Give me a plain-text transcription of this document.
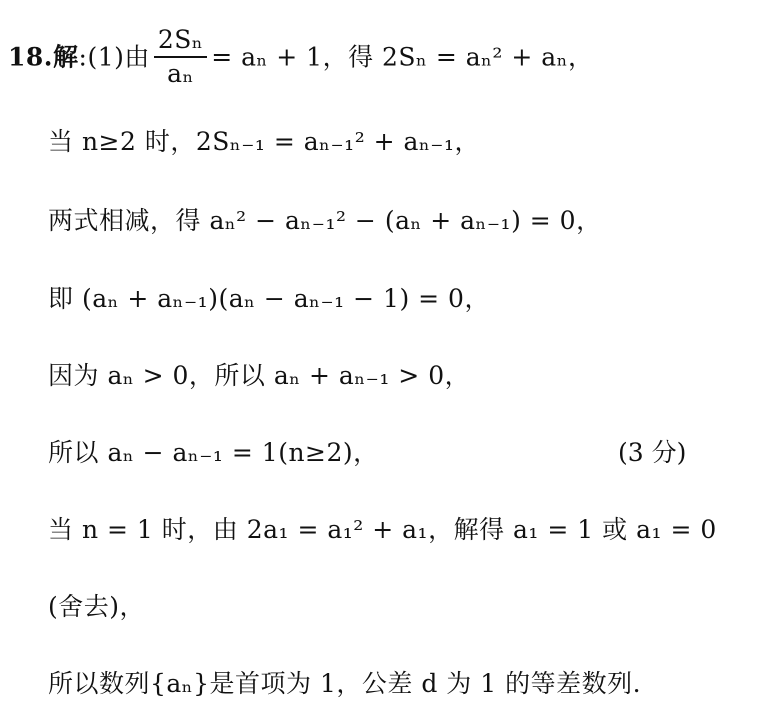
18.解:(1)由 $\frac{\text{2Sₙ}}{\text{aₙ}} = a_n + 1$，得 2Sₙ = aₙ² + aₙ，
当 n≥2 时，2Sₙ₋₁ = aₙ₋₁² + aₙ₋₁，
两式相减，得 aₙ² − aₙ₋₁² − (aₙ + aₙ₋₁) = 0，
即 (aₙ + aₙ₋₁)(aₙ − aₙ₋₁ − 1) = 0，
因为 aₙ > 0，所以 aₙ + aₙ₋₁ > 0，
所以 aₙ − aₙ₋₁ = 1(n≥2)，	(3 分)
当 n = 1 时，由 2a₁ = a₁² + a₁，解得 a₁ = 1 或 a₁ = 0
(舍去)，
所以数列{aₙ}是首项为 1，公差 d 为 1 的等差数列.
